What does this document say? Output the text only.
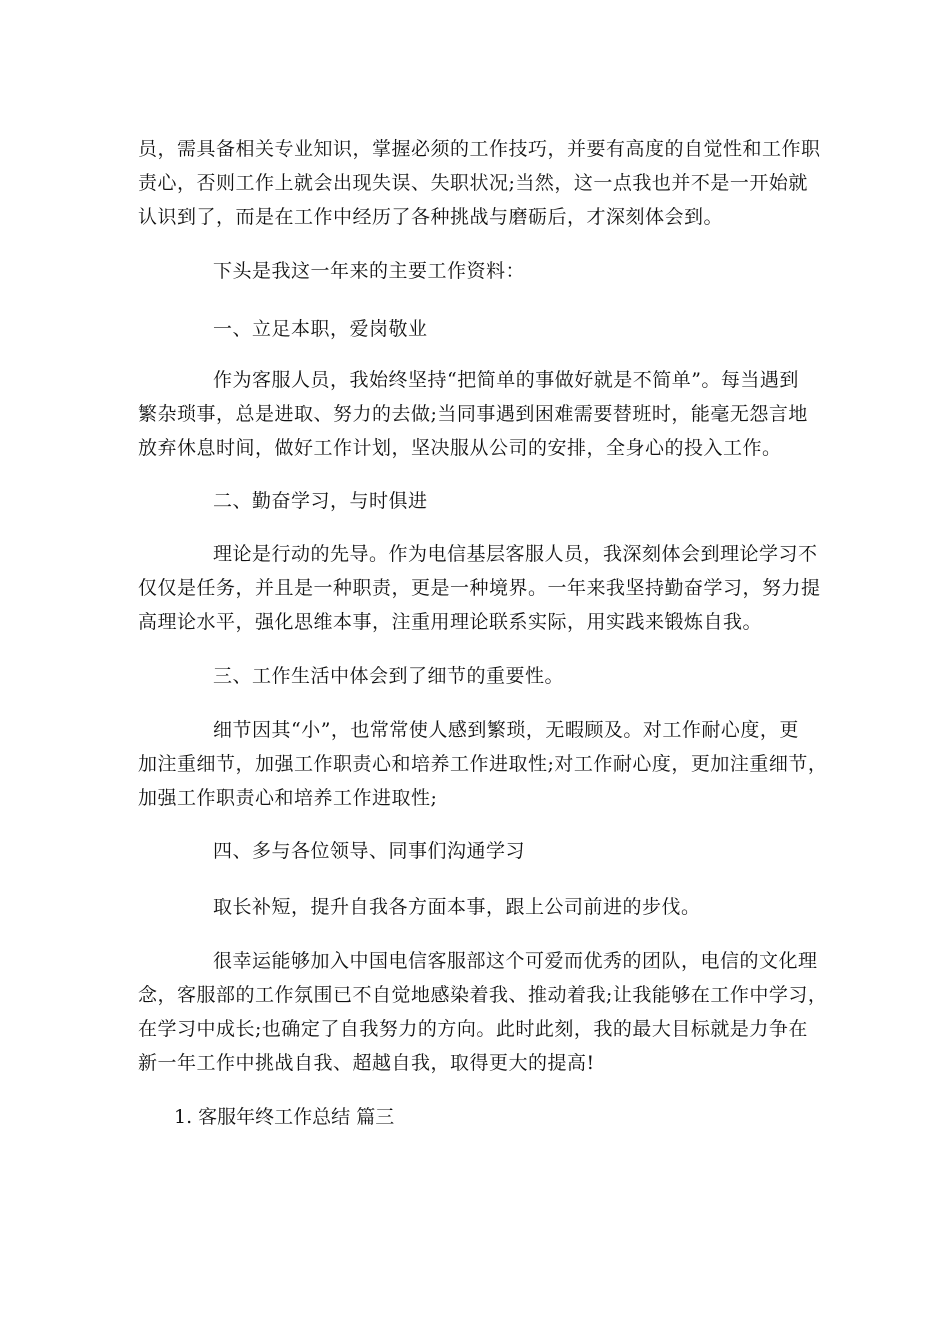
员，需具备相关专业知识，掌握必须的工作技巧，并要有高度的自觉性和工作职
责心，否则工作上就会出现失误、失职状况;当然，这一点我也并不是一开始就
认识到了，而是在工作中经历了各种挑战与磨砺后，才深刻体会到。
下头是我这一年来的主要工作资料：
一、立足本职，爱岗敬业
作为客服人员，我始终坚持“把简单的事做好就是不简单”。每当遇到
繁杂琐事，总是进取、努力的去做;当同事遇到困难需要替班时，能毫无怨言地
放弃休息时间，做好工作计划，坚决服从公司的安排，全身心的投入工作。
二、勤奋学习，与时俱进
理论是行动的先导。作为电信基层客服人员，我深刻体会到理论学习不
仅仅是任务，并且是一种职责，更是一种境界。一年来我坚持勤奋学习，努力提
高理论水平，强化思维本事，注重用理论联系实际，用实践来锻炼自我。
三、工作生活中体会到了细节的重要性。
细节因其“小”，也常常使人感到繁琐，无暇顾及。对工作耐心度，更
加注重细节，加强工作职责心和培养工作进取性;对工作耐心度，更加注重细节，
加强工作职责心和培养工作进取性;
四、多与各位领导、同事们沟通学习
取长补短，提升自我各方面本事，跟上公司前进的步伐。
很幸运能够加入中国电信客服部这个可爱而优秀的团队，电信的文化理
念，客服部的工作氛围已不自觉地感染着我、推动着我;让我能够在工作中学习，
在学习中成长;也确定了自我努力的方向。此时此刻，我的最大目标就是力争在
新一年工作中挑战自我、超越自我，取得更大的提高!
1. 客服年终工作总结 篇三
